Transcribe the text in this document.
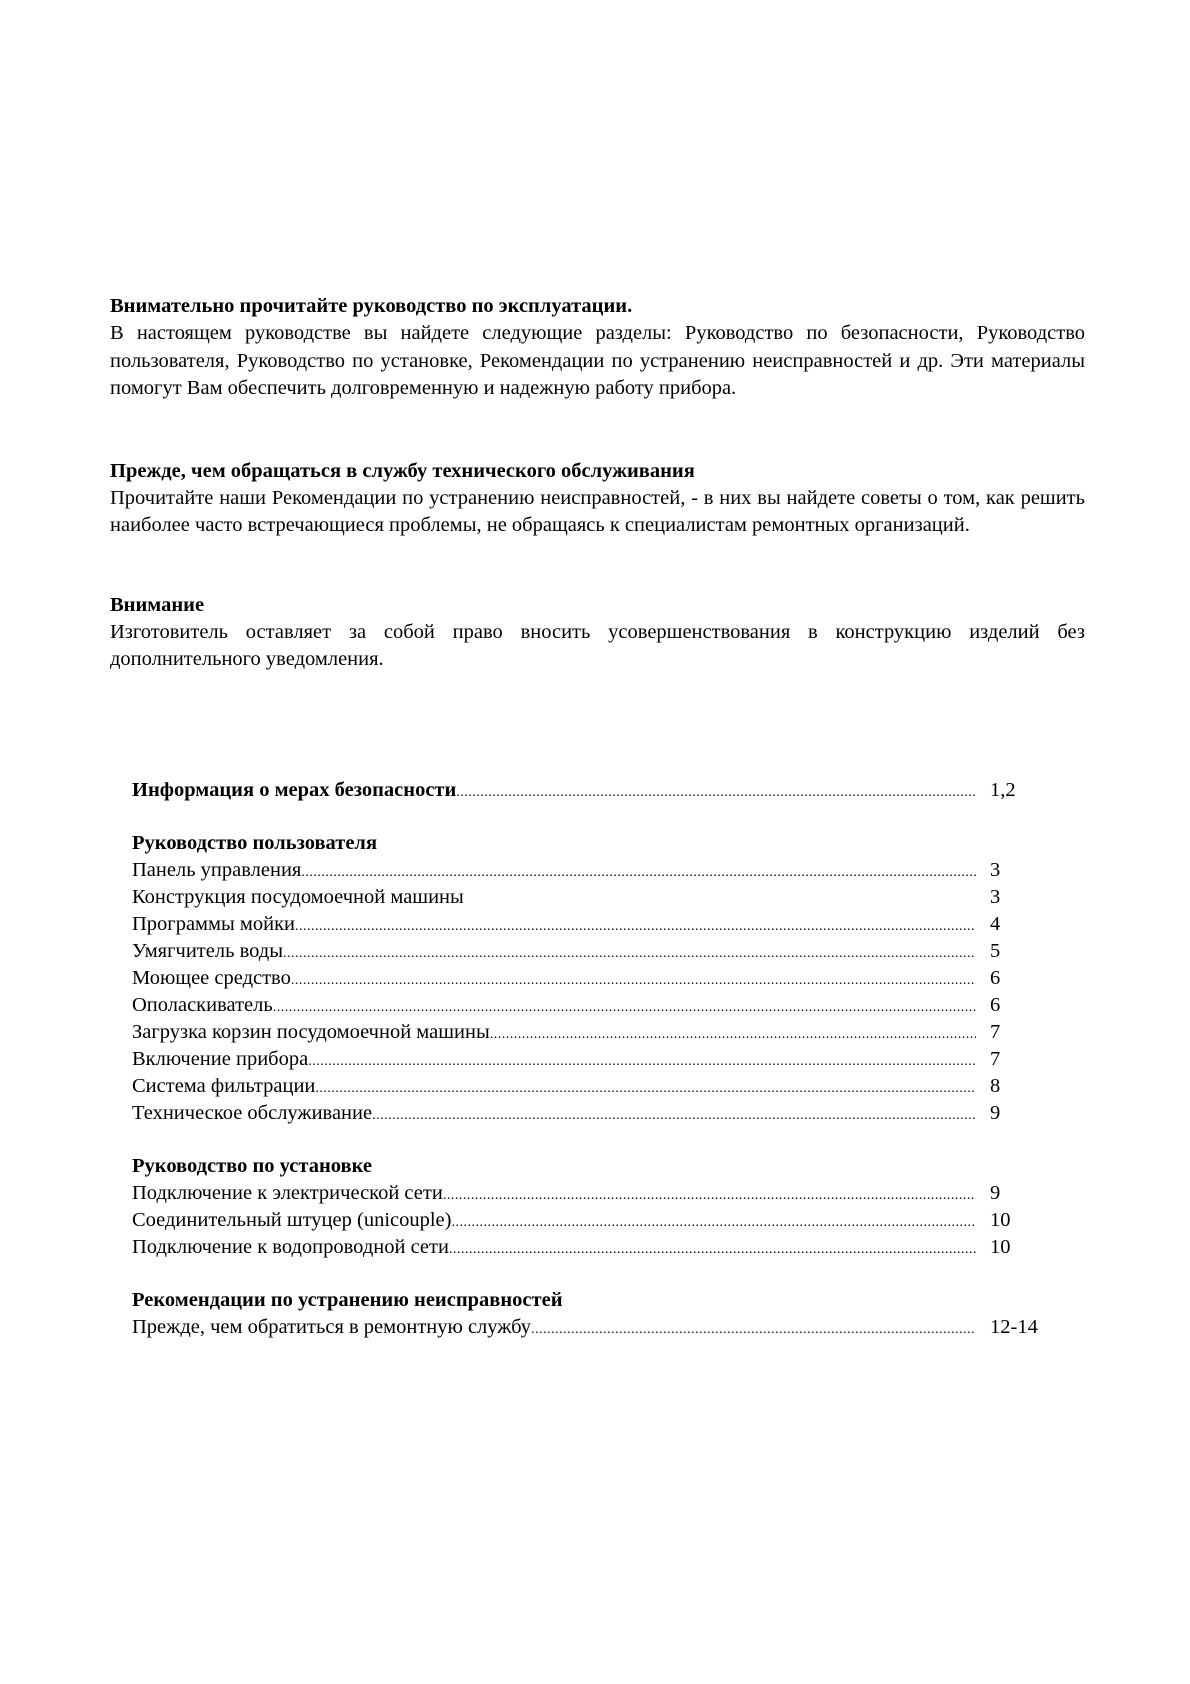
Внимательно прочитайте руководство по эксплуатации.

В настоящем руководстве вы найдете следующие разделы: Руководство по безопасности, Руководство пользователя, Руководство по установке, Рекомендации по устранению неисправностей и др. Эти материалы помогут Вам обеспечить долговременную и надежную работу прибора.

Прежде, чем обращаться в службу технического обслуживания

Прочитайте наши Рекомендации по устранению неисправностей, - в них вы найдете советы о том, как решить наиболее часто встречающиеся проблемы, не обращаясь к специалистам ремонтных организаций.

Внимание

Изготовитель оставляет за собой право вносить усовершенствования в конструкцию изделий без дополнительного уведомления.

Информация о мерах безопасности .....	1,2

Руководство пользователя

Панель управления .....	3
Конструкция посудомоечной машины	3
Программы мойки .....	4
Умягчитель воды .....	5
Моющее средство .....	6
Ополаскиватель .....	6
Загрузка корзин посудомоечной машины .....	7
Включение прибора .....	7
Система фильтрации .....	8
Техническое обслуживание .....	9

Руководство по установке

Подключение к электрической сети .....	9
Соединительный штуцер (unicouple) .....	10
Подключение к водопроводной сети .....	10

Рекомендации по устранению неисправностей

Прежде, чем обратиться в ремонтную службу .....	12-14
